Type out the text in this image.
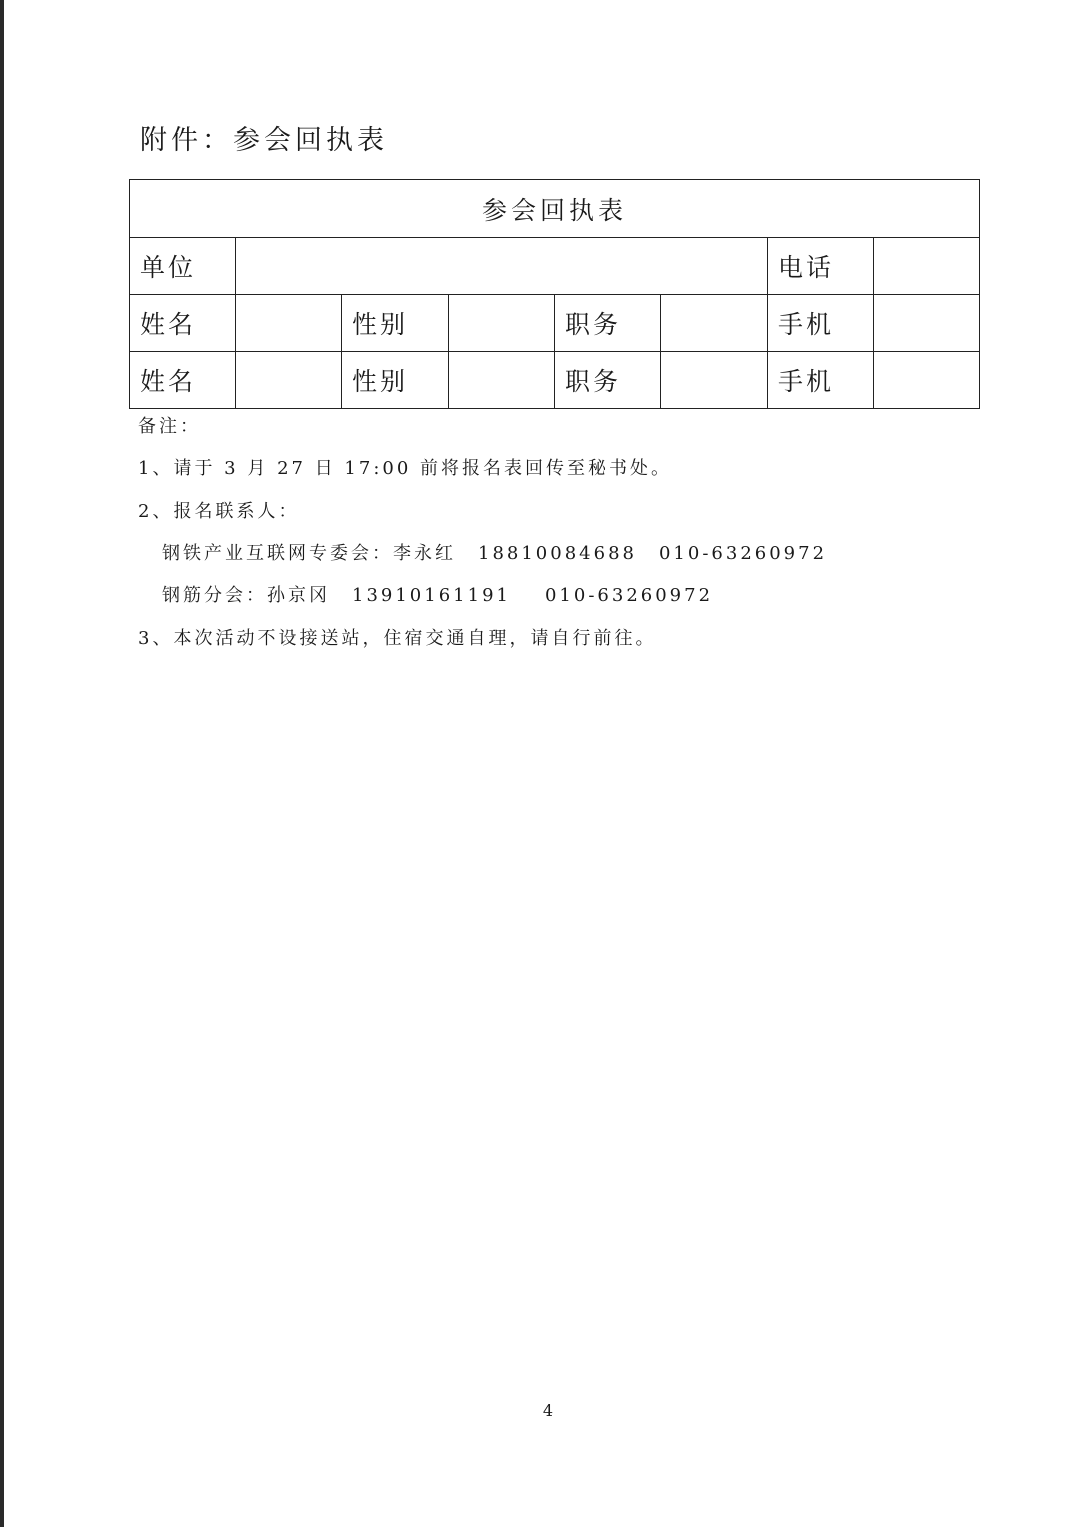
附件：参会回执表
参会回执表							
单位						电话	
姓名		性别		职务		手机	
姓名		性别		职务		手机	
备注：
1、请于 3 月 27 日 17:00 前将报名表回传至秘书处。
2、报名联系人：
钢铁产业互联网专委会：李永红 18810084688 010-63260972
钢筋分会：孙京冈 13910161191 010-63260972
3、本次活动不设接送站，住宿交通自理，请自行前往。
4
